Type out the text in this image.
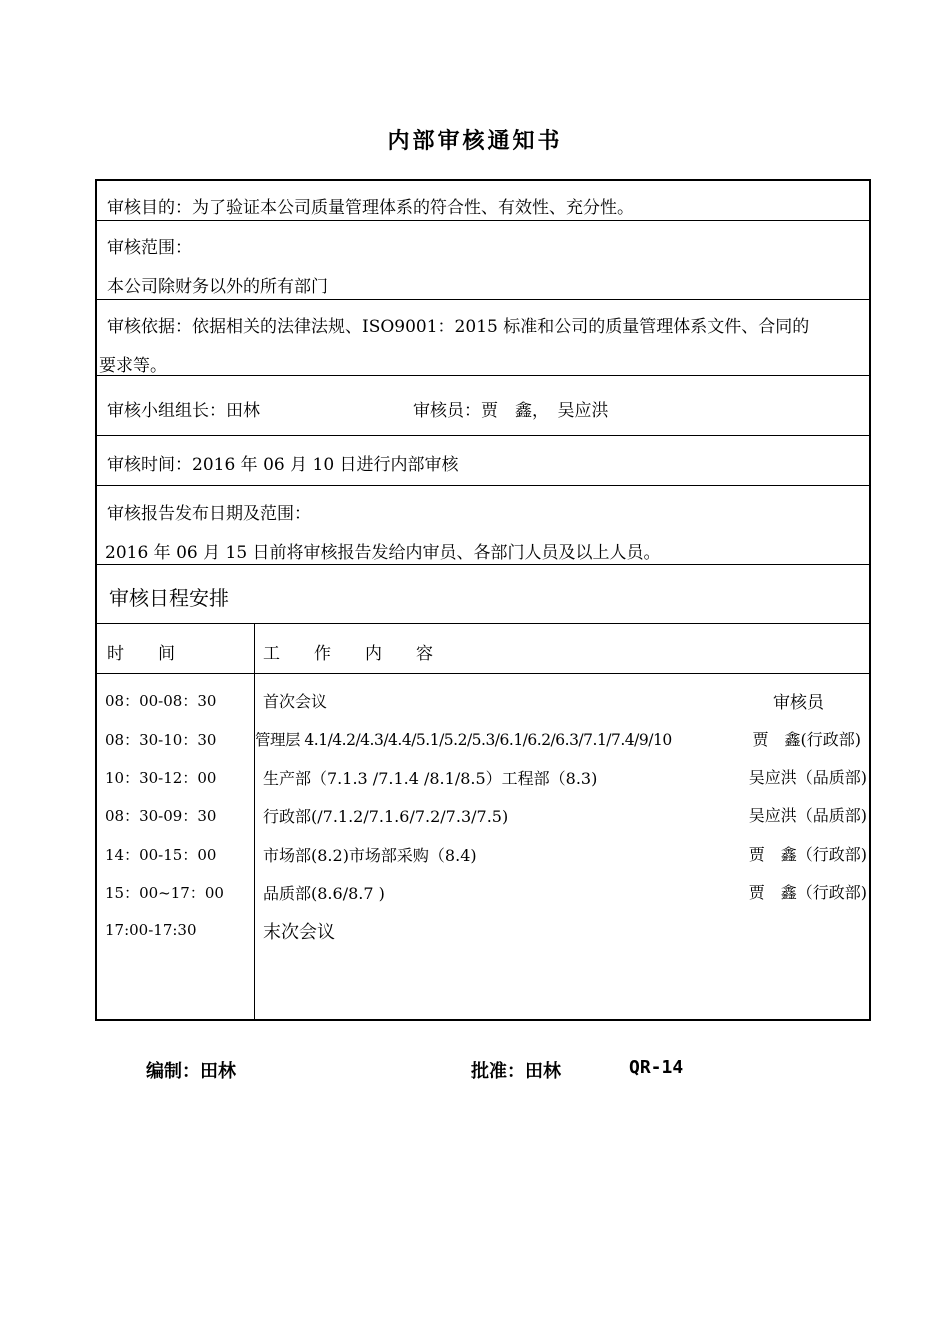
内部审核通知书
审核目的：为了验证本公司质量管理体系的符合性、有效性、充分性。
审核范围：
本公司除财务以外的所有部门
审核依据：依据相关的法律法规、ISO9001：2015 标准和公司的质量管理体系文件、合同的
要求等。
审核小组组长：田林	审核员：贾　鑫，　吴应洪
审核时间：2016 年 06 月 10 日进行内部审核
审核报告发布日期及范围：
2016 年 06 月 15 日前将审核报告发给内审员、各部门人员及以上人员。
审核日程安排
时　　间	工　　作　　内　　容
08：00-08：30	首次会议	审核员
08：30-10：30 管理层 4.1/4.2/4.3/4.4/5.1/5.2/5.3/6.1/6.2/6.3/7.1/7.4/9/10	贾　鑫(行政部)
10：30-12：00	生产部（7.1.3 /7.1.4 /8.1/8.5）工程部（8.3)	吴应洪（品质部)
08：30-09：30	行政部(/7.1.2/7.1.6/7.2/7.3/7.5)	吴应洪（品质部)
14：00-15：00	市场部(8.2)市场部采购（8.4)	贾　鑫（行政部)
15：00~17：00 品质部(8.6/8.7 )	贾　鑫（行政部)
17:00-17:30	末次会议
编制：田林	批准：田林	QR-14
